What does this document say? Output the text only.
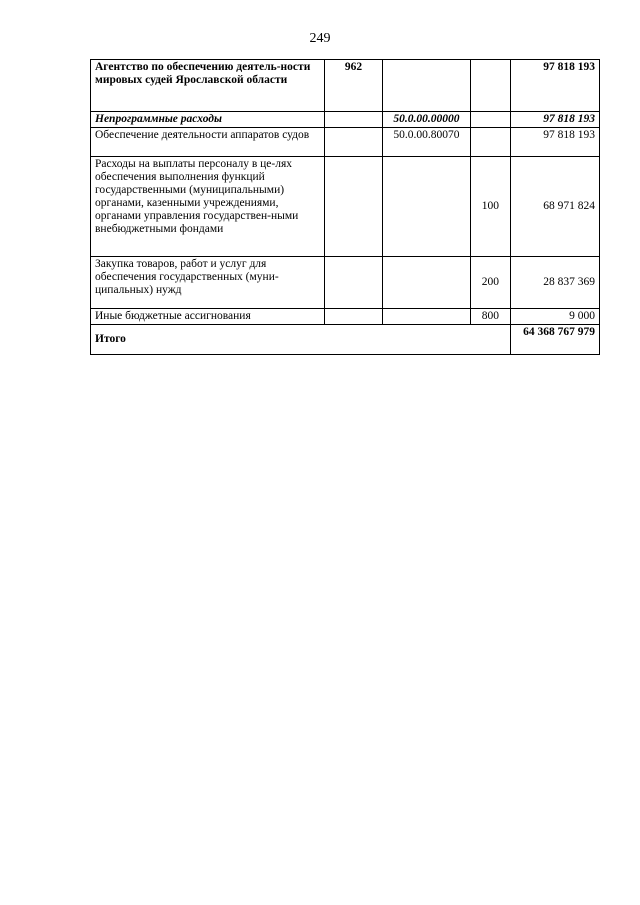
249
Агентство по обеспечению деятель-ности мировых судей Ярославской области	962			97 818 193
Непрограммные расходы		50.0.00.00000		97 818 193
Обеспечение деятельности аппаратов судов		50.0.00.80070		97 818 193
Расходы на выплаты персоналу в це-лях обеспечения выполнения функций государственными (муниципальными) органами, казенными учреждениями, органами управления государствен-ными внебюджетными фондами			100	68 971 824
Закупка товаров, работ и услуг для обеспечения государственных (муни-ципальных) нужд			200	28 837 369
Иные бюджетные ассигнования			800	9 000
Итого				64 368 767 979
